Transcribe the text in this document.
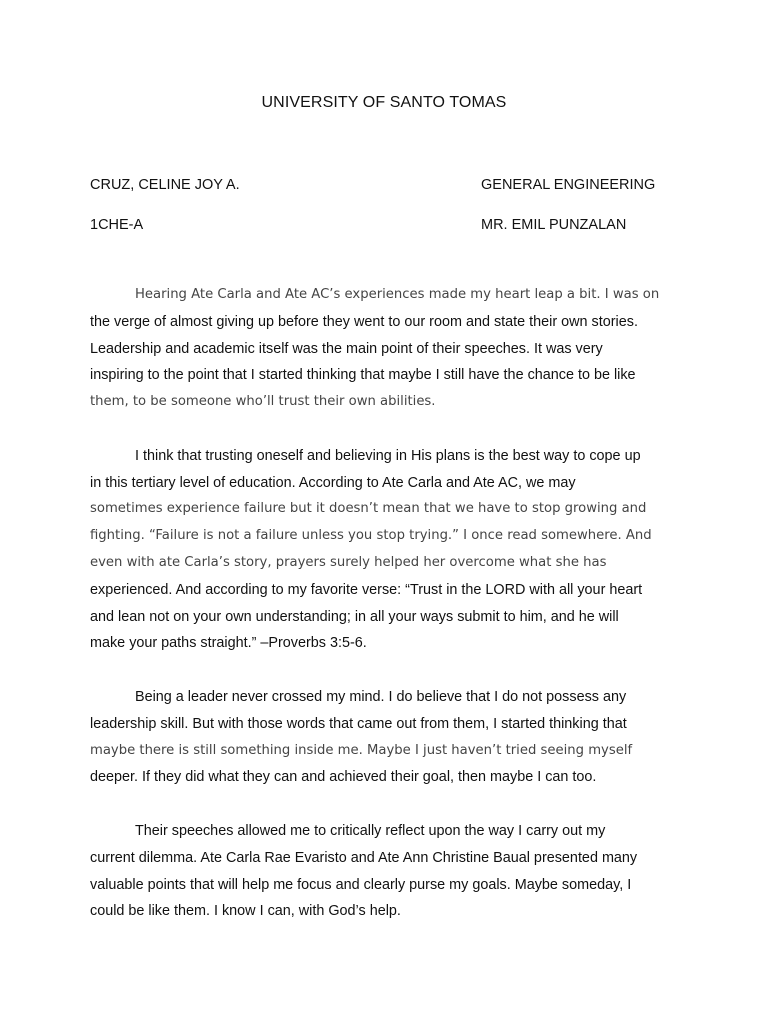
UNIVERSITY OF SANTO TOMAS
CRUZ, CELINE JOY A.	GENERAL ENGINEERING
1CHE-A	MR. EMIL PUNZALAN

Hearing Ate Carla and Ate AC’s experiences made my heart leap a bit. I was on
the verge of almost giving up before they went to our room and state their own stories.
Leadership and academic itself was the main point of their speeches. It was very
inspiring to the point that I started thinking that maybe I still have the chance to be like
them, to be someone who’ll trust their own abilities.

I think that trusting oneself and believing in His plans is the best way to cope up
in this tertiary level of education. According to Ate Carla and Ate AC, we may
sometimes experience failure but it doesn’t mean that we have to stop growing and
fighting. “Failure is not a failure unless you stop trying.” I once read somewhere. And
even with ate Carla’s story, prayers surely helped her overcome what she has
experienced. And according to my favorite verse: “Trust in the LORD with all your heart
and lean not on your own understanding; in all your ways submit to him, and he will
make your paths straight.” –Proverbs 3:5-6.

Being a leader never crossed my mind. I do believe that I do not possess any
leadership skill. But with those words that came out from them, I started thinking that
maybe there is still something inside me. Maybe I just haven’t tried seeing myself
deeper. If they did what they can and achieved their goal, then maybe I can too.

Their speeches allowed me to critically reflect upon the way I carry out my
current dilemma. Ate Carla Rae Evaristo and Ate Ann Christine Baual presented many
valuable points that will help me focus and clearly purse my goals. Maybe someday, I
could be like them. I know I can, with God’s help.
